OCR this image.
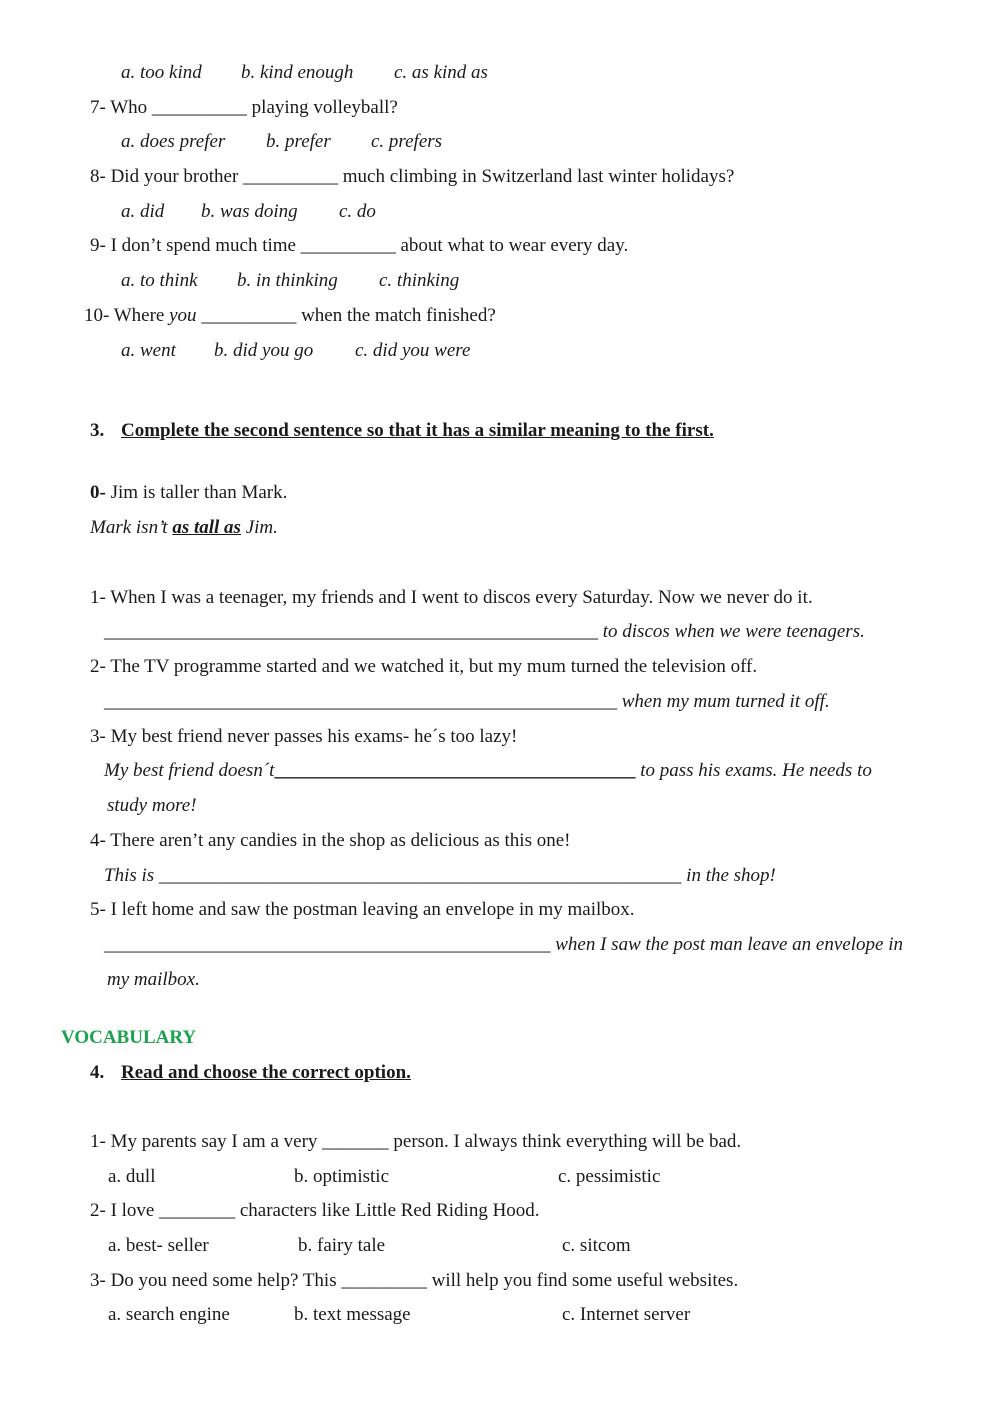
a. too kind b. kind enough c. as kind as
7- Who __________ playing volleyball?
a. does prefer b. prefer c. prefers
8- Did your brother __________ much climbing in Switzerland last winter holidays?
a. did b. was doing c. do
9- I don’t spend much time __________ about what to wear every day.
a. to think b. in thinking c. thinking
10- Where you __________ when the match finished?
a. went b. did you go c. did you were
3. Complete the second sentence so that it has a similar meaning to the first.
0- Jim is taller than Mark.
Mark isn’t as tall as Jim.
1- When I was a teenager, my friends and I went to discos every Saturday. Now we never do it.
____________________________________________________ to discos when we were teenagers.
2- The TV programme started and we watched it, but my mum turned the television off.
______________________________________________________ when my mum turned it off.
3- My best friend never passes his exams- he´s too lazy!
My best friend doesn´t______________________________________ to pass his exams. He needs to
study more!
4- There aren’t any candies in the shop as delicious as this one!
This is _______________________________________________________ in the shop!
5- I left home and saw the postman leaving an envelope in my mailbox.
_______________________________________________ when I saw the post man leave an envelope in
my mailbox.
VOCABULARY
4. Read and choose the correct option.
1- My parents say I am a very _______ person. I always think everything will be bad.
a. dull	b. optimistic	c. pessimistic
2- I love ________ characters like Little Red Riding Hood.
a. best- seller	b. fairy tale	c. sitcom
3- Do you need some help? This _________ will help you find some useful websites.
a. search engine	b. text message	c. Internet server
